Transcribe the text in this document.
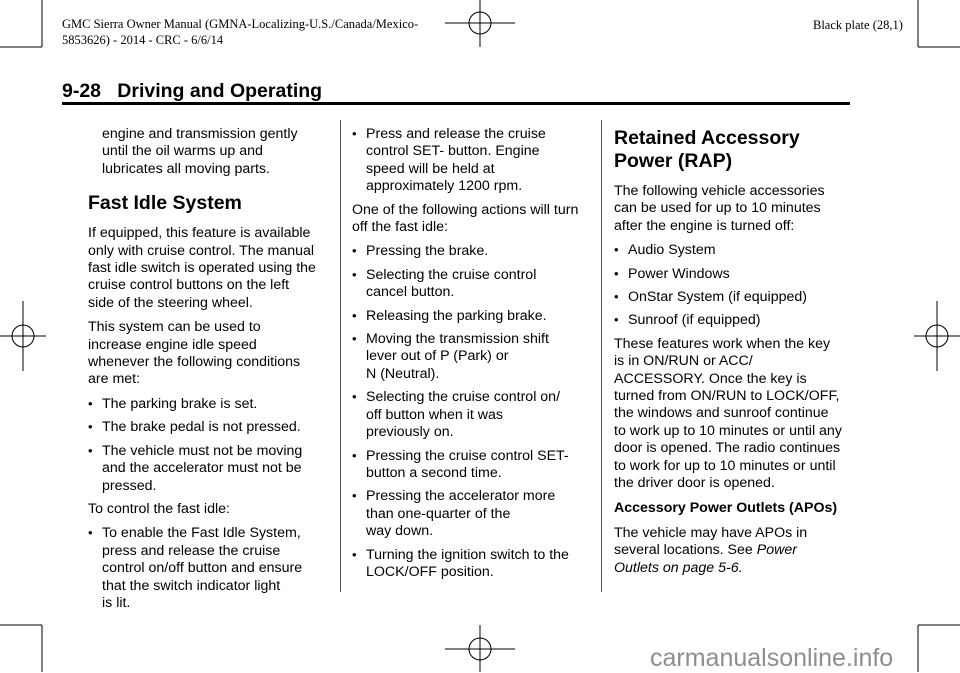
GMC Sierra Owner Manual (GMNA-Localizing-U.S./Canada/Mexico-
5853626) - 2014 - CRC - 6/6/14
Black plate (28,1)
9-28 Driving and Operating

engine and transmission gently
until the oil warms up and
lubricates all moving parts.

Fast Idle System

If equipped, this feature is available
only with cruise control. The manual
fast idle switch is operated using the
cruise control buttons on the left
side of the steering wheel.

This system can be used to
increase engine idle speed
whenever the following conditions
are met:

• The parking brake is set.
• The brake pedal is not pressed.
• The vehicle must not be moving
and the accelerator must not be
pressed.

To control the fast idle:

• To enable the Fast Idle System,
press and release the cruise
control on/off button and ensure
that the switch indicator light
is lit.
• Press and release the cruise
control SET- button. Engine
speed will be held at
approximately 1200 rpm.

One of the following actions will turn
off the fast idle:

• Pressing the brake.
• Selecting the cruise control
cancel button.
• Releasing the parking brake.
• Moving the transmission shift
lever out of P (Park) or
N (Neutral).
• Selecting the cruise control on/
off button when it was
previously on.
• Pressing the cruise control SET-
button a second time.
• Pressing the accelerator more
than one-quarter of the
way down.
• Turning the ignition switch to the
LOCK/OFF position.
Retained Accessory
Power (RAP)

The following vehicle accessories
can be used for up to 10 minutes
after the engine is turned off:

• Audio System
• Power Windows
• OnStar System (if equipped)
• Sunroof (if equipped)

These features work when the key
is in ON/RUN or ACC/
ACCESSORY. Once the key is
turned from ON/RUN to LOCK/OFF,
the windows and sunroof continue
to work up to 10 minutes or until any
door is opened. The radio continues
to work for up to 10 minutes or until
the driver door is opened.

Accessory Power Outlets (APOs)

The vehicle may have APOs in
several locations. See Power
Outlets on page 5-6.

carmanualsonline.info
